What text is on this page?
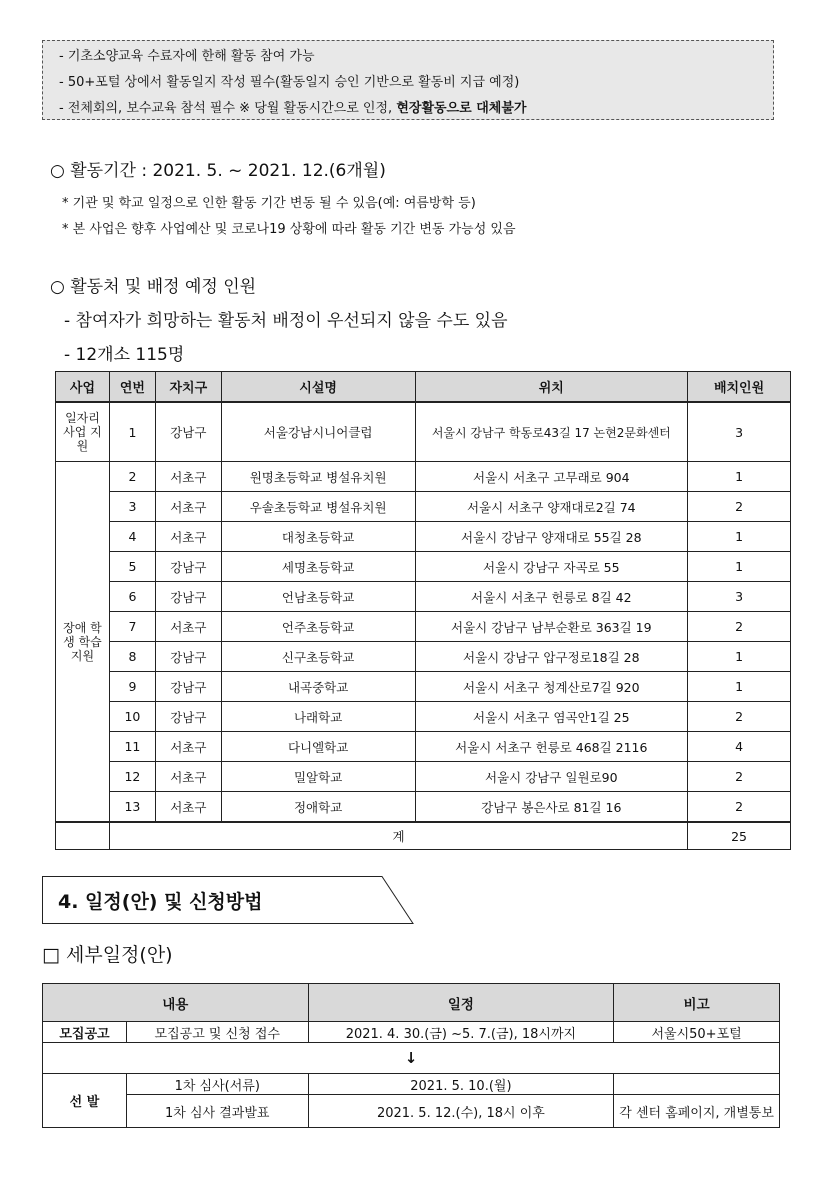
- 기초소양교육 수료자에 한해 활동 참여 가능
- 50+포털 상에서 활동일지 작성 필수(활동일지 승인 기반으로 활동비 지급 예정)
- 전체회의, 보수교육 참석 필수 ※ 당월 활동시간으로 인정, 현장활동으로 대체불가
○ 활동기간 : 2021. 5. ~ 2021. 12.(6개월)
* 기관 및 학교 일정으로 인한 활동 기간 변동 될 수 있음(예: 여름방학 등)
* 본 사업은 향후 사업예산 및 코로나19 상황에 따라 활동 기간 변동 가능성 있음
○ 활동처 및 배정 예정 인원
- 참여자가 희망하는 활동처 배정이 우선되지 않을 수도 있음
- 12개소 115명
사업	연번	자치구	시설명	위치	배치인원
일자리 사업 지원	1	강남구	서울강남시니어클럽	서울시 강남구 학동로43길 17 논현2문화센터	3
장애 학생 학습 지원	2	서초구	원명초등학교 병설유치원	서울시 서초구 고무래로 904	1
	3	서초구	우솔초등학교 병설유치원	서울시 서초구 양재대로2길 74	2
	4	서초구	대청초등학교	서울시 강남구 양재대로 55길 28	1
	5	강남구	세명초등학교	서울시 강남구 자곡로 55	1
	6	강남구	언남초등학교	서울시 서초구 헌릉로 8길 42	3
	7	서초구	언주초등학교	서울시 강남구 남부순환로 363길 19	2
	8	강남구	신구초등학교	서울시 강남구 압구정로18길 28	1
	9	강남구	내곡중학교	서울시 서초구 청계산로7길 920	1
	10	강남구	나래학교	서울시 서초구 염곡안1길 25	2
	11	서초구	다니엘학교	서울시 서초구 헌릉로 468길 2116	4
	12	서초구	밀알학교	서울시 강남구 일원로90	2
	13	서초구	정애학교	강남구 봉은사로 81길 16	2
	계				25
4. 일정(안) 및 신청방법
□ 세부일정(안)
내용		일정	비고
모집공고	모집공고 및 신청 접수	2021. 4. 30.(금) ~5. 7.(금), 18시까지	서울시50+포털
↓			
선 발	1차 심사(서류)	2021. 5. 10.(월)	
	1차 심사 결과발표	2021. 5. 12.(수), 18시 이후	각 센터 홈페이지, 개별통보
